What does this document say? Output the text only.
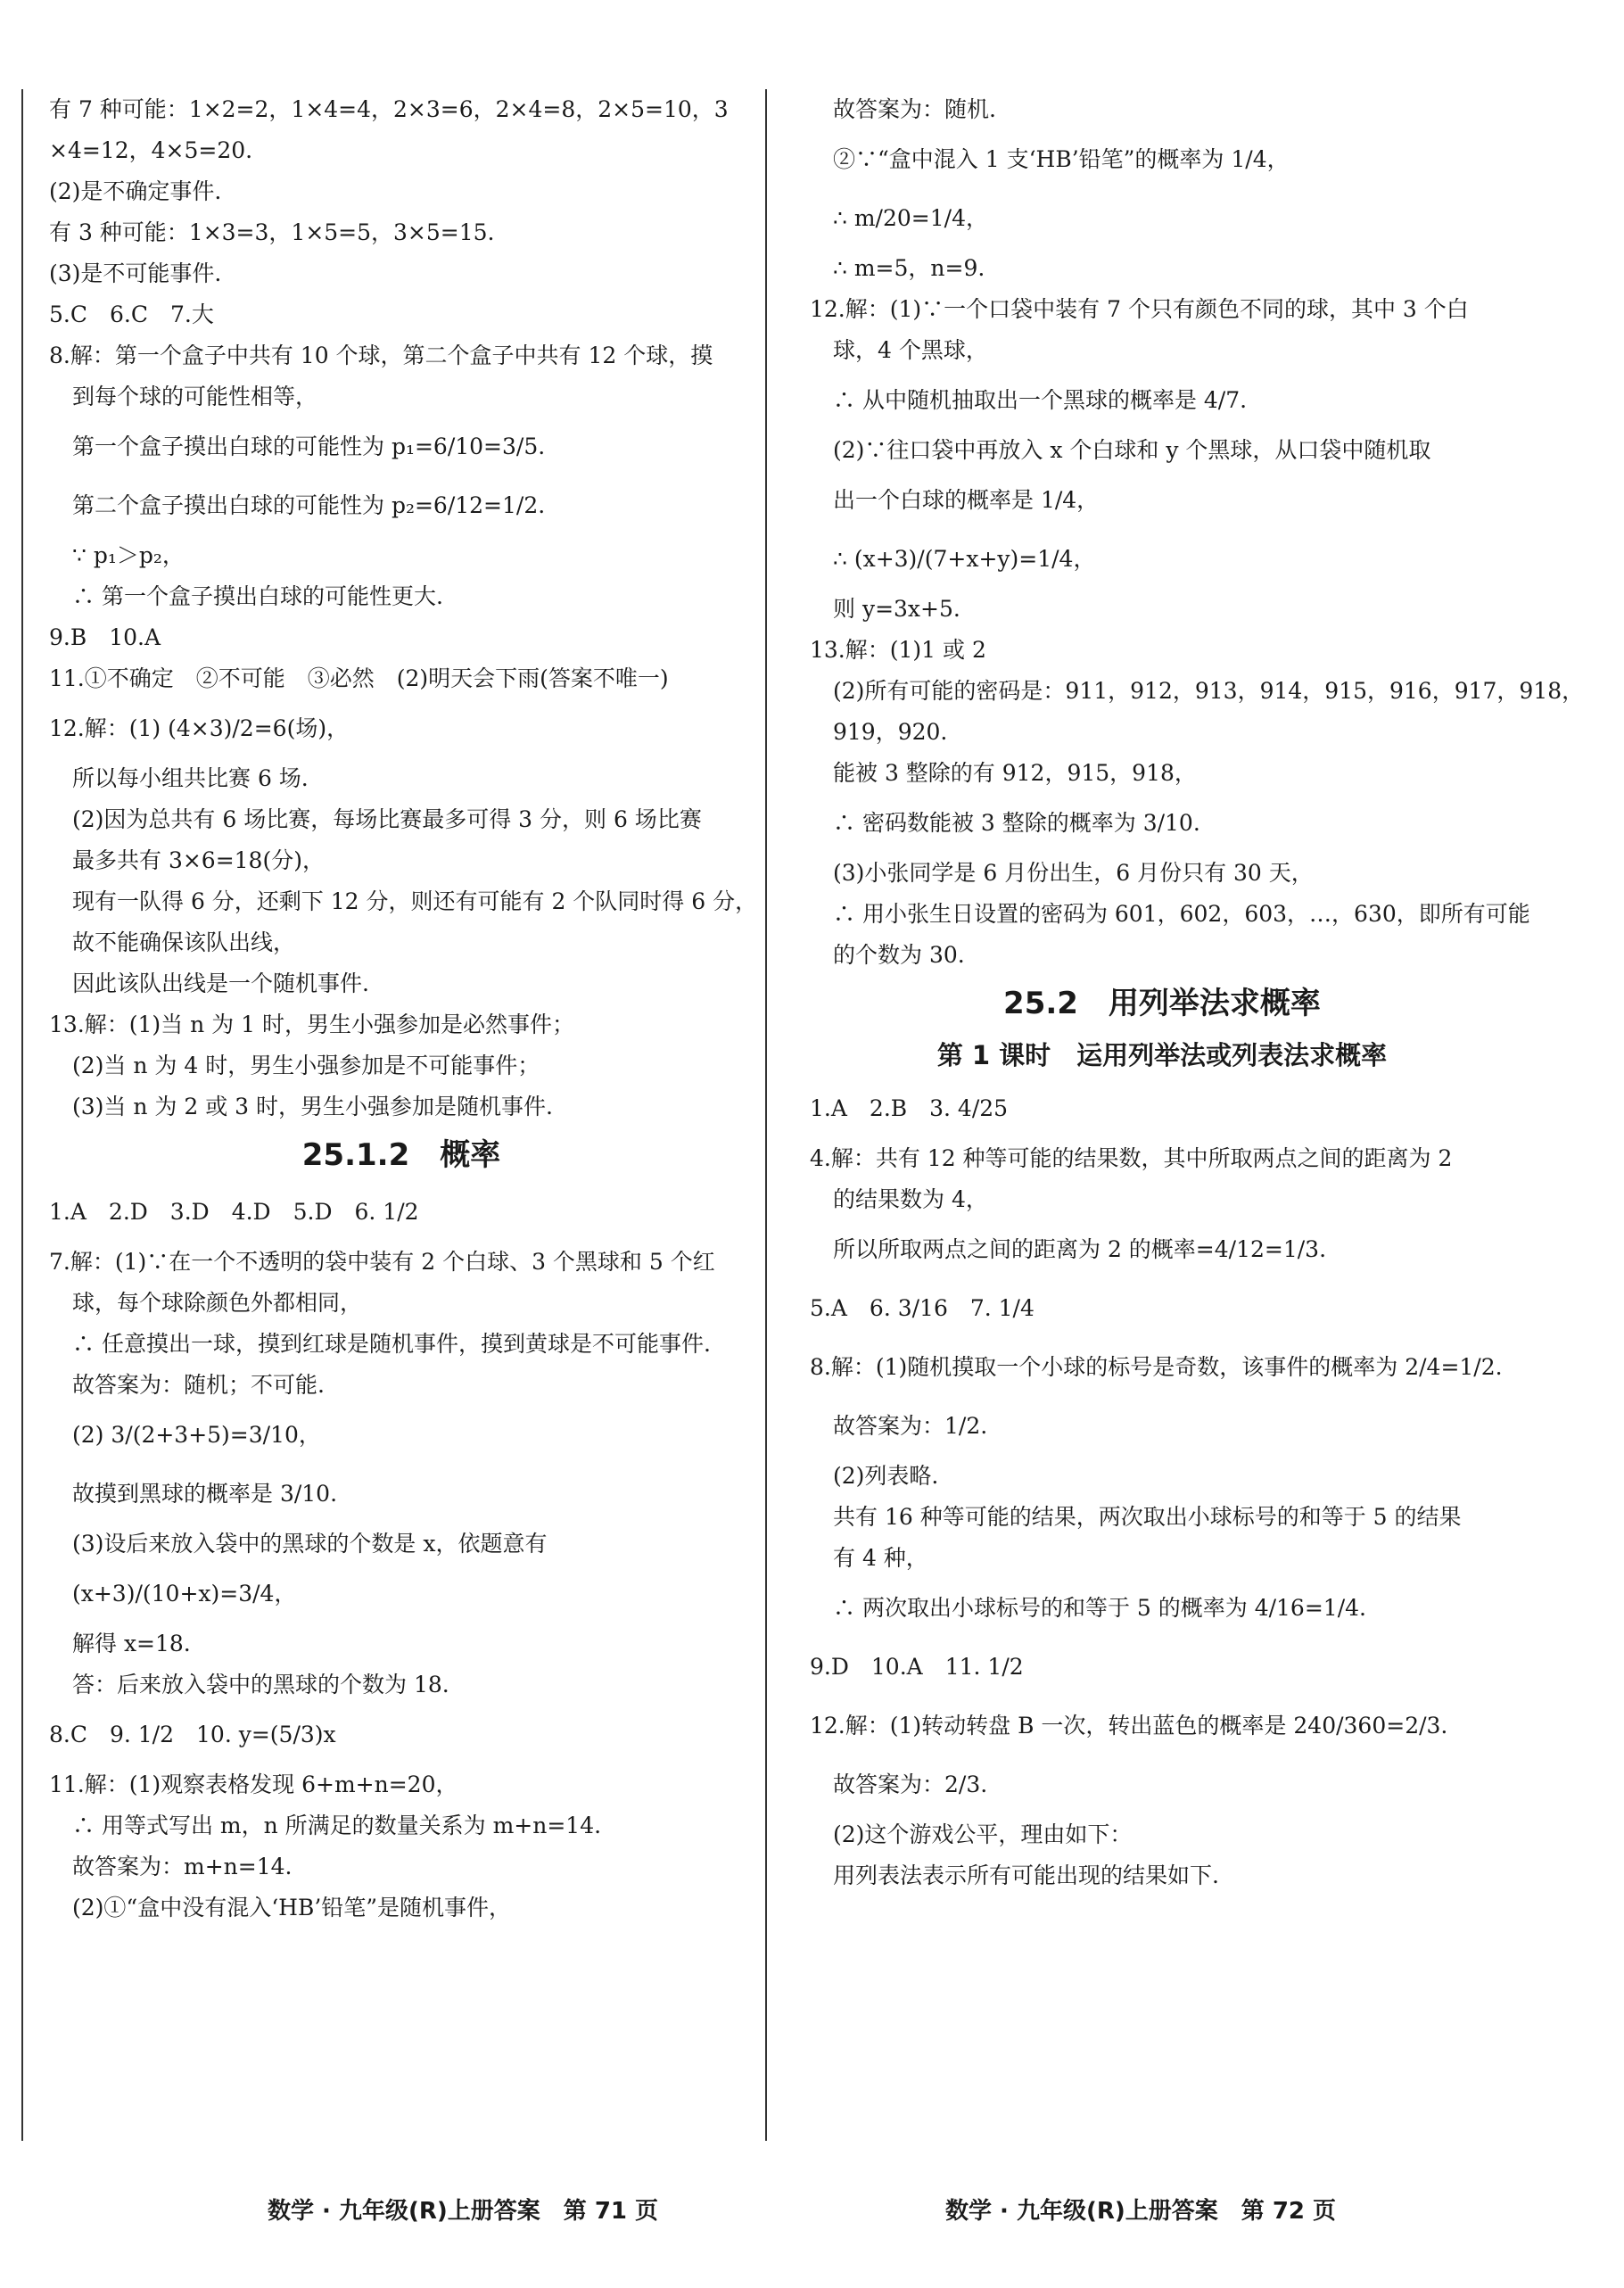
有 7 种可能：1×2=2，1×4=4，2×3=6，2×4=8，2×5=10，3
×4=12，4×5=20.
(2)是不确定事件.
有 3 种可能：1×3=3，1×5=5，3×5=15.
(3)是不可能事件.
5.C　6.C　7.大
8.解：第一个盒子中共有 10 个球，第二个盒子中共有 12 个球，摸
到每个球的可能性相等，
第一个盒子摸出白球的可能性为 p₁=6/10=3/5.
第二个盒子摸出白球的可能性为 p₂=6/12=1/2.
∵ p₁＞p₂，
∴ 第一个盒子摸出白球的可能性更大.
9.B　10.A
11.①不确定　②不可能　③必然　(2)明天会下雨(答案不唯一)
12.解：(1) (4×3)/2=6(场)，
所以每小组共比赛 6 场.
(2)因为总共有 6 场比赛，每场比赛最多可得 3 分，则 6 场比赛
最多共有 3×6=18(分)，
现有一队得 6 分，还剩下 12 分，则还有可能有 2 个队同时得 6 分，
故不能确保该队出线，
因此该队出线是一个随机事件.
13.解：(1)当 n 为 1 时，男生小强参加是必然事件；
(2)当 n 为 4 时，男生小强参加是不可能事件；
(3)当 n 为 2 或 3 时，男生小强参加是随机事件.
25.1.2　概率
1.A　2.D　3.D　4.D　5.D　6. 1/2
7.解：(1)∵在一个不透明的袋中装有 2 个白球、3 个黑球和 5 个红
球，每个球除颜色外都相同，
∴ 任意摸出一球，摸到红球是随机事件，摸到黄球是不可能事件.
故答案为：随机；不可能.
(2) 3/(2+3+5)=3/10，
故摸到黑球的概率是 3/10.
(3)设后来放入袋中的黑球的个数是 x，依题意有
(x+3)/(10+x)=3/4，
解得 x=18.
答：后来放入袋中的黑球的个数为 18.
8.C　9. 1/2　10. y=(5/3)x
11.解：(1)观察表格发现 6+m+n=20，
∴ 用等式写出 m，n 所满足的数量关系为 m+n=14.
故答案为：m+n=14.
(2)①“盒中没有混入‘HB’铅笔”是随机事件，
故答案为：随机.
②∵“盒中混入 1 支‘HB’铅笔”的概率为 1/4，
∴ m/20=1/4，
∴ m=5，n=9.
12.解：(1)∵一个口袋中装有 7 个只有颜色不同的球，其中 3 个白
球，4 个黑球，
∴ 从中随机抽取出一个黑球的概率是 4/7.
(2)∵往口袋中再放入 x 个白球和 y 个黑球，从口袋中随机取
出一个白球的概率是 1/4，
∴ (x+3)/(7+x+y)=1/4，
则 y=3x+5.
13.解：(1)1 或 2
(2)所有可能的密码是：911，912，913，914，915，916，917，918，
919，920.
能被 3 整除的有 912，915，918，
∴ 密码数能被 3 整除的概率为 3/10.
(3)小张同学是 6 月份出生，6 月份只有 30 天，
∴ 用小张生日设置的密码为 601，602，603，…，630，即所有可能
的个数为 30.
25.2　用列举法求概率
第 1 课时　运用列举法或列表法求概率
1.A　2.B　3. 4/25
4.解：共有 12 种等可能的结果数，其中所取两点之间的距离为 2
的结果数为 4，
所以所取两点之间的距离为 2 的概率=4/12=1/3.
5.A　6. 3/16　7. 1/4
8.解：(1)随机摸取一个小球的标号是奇数，该事件的概率为 2/4=1/2.
故答案为：1/2.
(2)列表略.
共有 16 种等可能的结果，两次取出小球标号的和等于 5 的结果
有 4 种，
∴ 两次取出小球标号的和等于 5 的概率为 4/16=1/4.
9.D　10.A　11. 1/2
12.解：(1)转动转盘 B 一次，转出蓝色的概率是 240/360=2/3.
故答案为：2/3.
(2)这个游戏公平，理由如下：
用列表法表示所有可能出现的结果如下.
数学 · 九年级(R)上册答案　第 71 页	数学 · 九年级(R)上册答案　第 72 页
